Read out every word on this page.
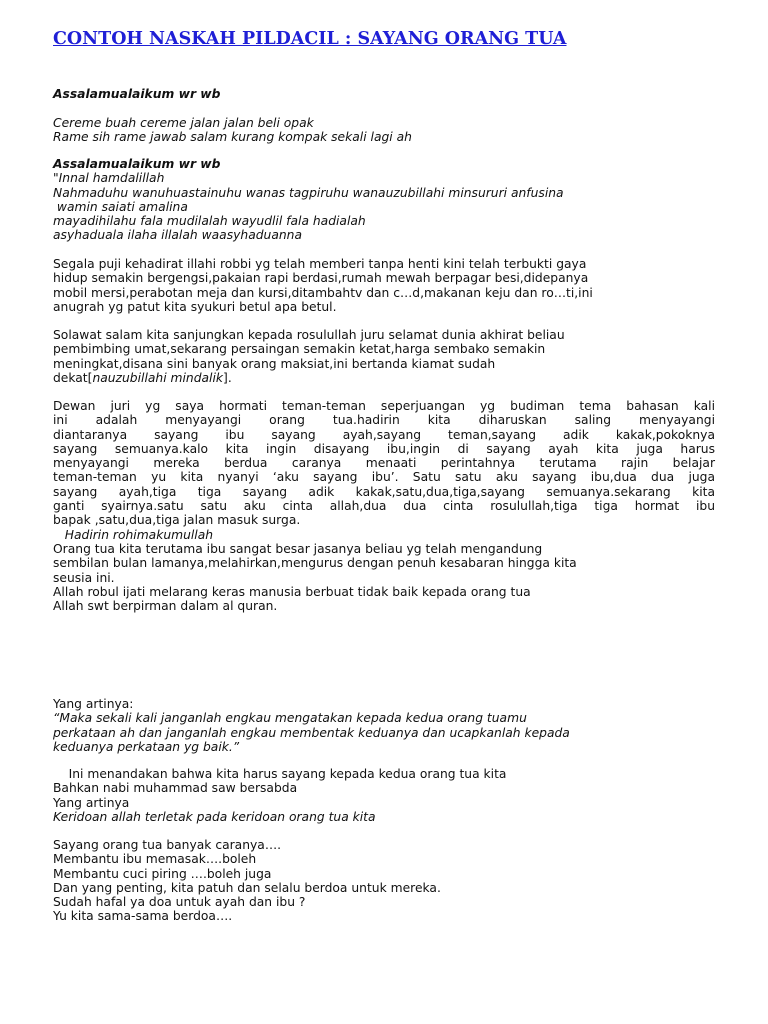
CONTOH NASKAH PILDACIL : SAYANG ORANG TUA
Assalamualaikum wr wb
Cereme buah cereme jalan jalan beli opak
Rame sih rame jawab salam kurang kompak sekali lagi ah
Assalamualaikum wr wb
"Innal hamdalillah
Nahmaduhu wanuhuastainuhu wanas tagpiruhu wanauzubillahi minsururi anfusina
wamin saiati amalina
mayadihilahu fala mudilalah wayudlil fala hadialah
asyhaduala ilaha illalah waasyhaduanna
Segala puji kehadirat illahi robbi yg telah memberi tanpa henti kini telah terbukti gaya
hidup semakin bergengsi,pakaian rapi berdasi,rumah mewah berpagar besi,didepanya
mobil mersi,perabotan meja dan kursi,ditambahtv dan c…d,makanan keju dan ro…ti,ini
anugrah yg patut kita syukuri betul apa betul.
Solawat salam kita sanjungkan kepada rosulullah juru selamat dunia akhirat beliau
pembimbing umat,sekarang persaingan semakin ketat,harga sembako semakin
meningkat,disana sini banyak orang maksiat,ini bertanda kiamat sudah
dekat[nauzubillahi mindalik].
Dewan juri yg saya hormati teman-teman seperjuangan yg budiman tema bahasan kali
ini adalah menyayangi orang tua.hadirin kita diharuskan saling menyayangi
diantaranya sayang ibu sayang ayah,sayang teman,sayang adik kakak,pokoknya
sayang semuanya.kalo kita ingin disayang ibu,ingin di sayang ayah kita juga harus
menyayangi mereka berdua caranya menaati perintahnya terutama rajin belajar
teman-teman yu kita nyanyi ‘aku sayang ibu’. Satu satu aku sayang ibu,dua dua juga
sayang ayah,tiga tiga sayang adik kakak,satu,dua,tiga,sayang semuanya.sekarang kita
ganti syairnya.satu satu aku cinta allah,dua dua cinta rosulullah,tiga tiga hormat ibu
bapak ,satu,dua,tiga jalan masuk surga.
Hadirin rohimakumullah
Orang tua kita terutama ibu sangat besar jasanya beliau yg telah mengandung
sembilan bulan lamanya,melahirkan,mengurus dengan penuh kesabaran hingga kita
seusia ini.
Allah robul ijati melarang keras manusia berbuat tidak baik kepada orang tua
Allah swt berpirman dalam al quran.
Yang artinya:
“Maka sekali kali janganlah engkau mengatakan kepada kedua orang tuamu
perkataan ah dan janganlah engkau membentak keduanya dan ucapkanlah kepada
keduanya perkataan yg baik.”
Ini menandakan bahwa kita harus sayang kepada kedua orang tua kita
Bahkan nabi muhammad saw bersabda
Yang artinya
Keridoan allah terletak pada keridoan orang tua kita
Sayang orang tua banyak caranya….
Membantu ibu memasak….boleh
Membantu cuci piring ….boleh juga
Dan yang penting, kita patuh dan selalu berdoa untuk mereka.
Sudah hafal ya doa untuk ayah dan ibu ?
Yu kita sama-sama berdoa….
